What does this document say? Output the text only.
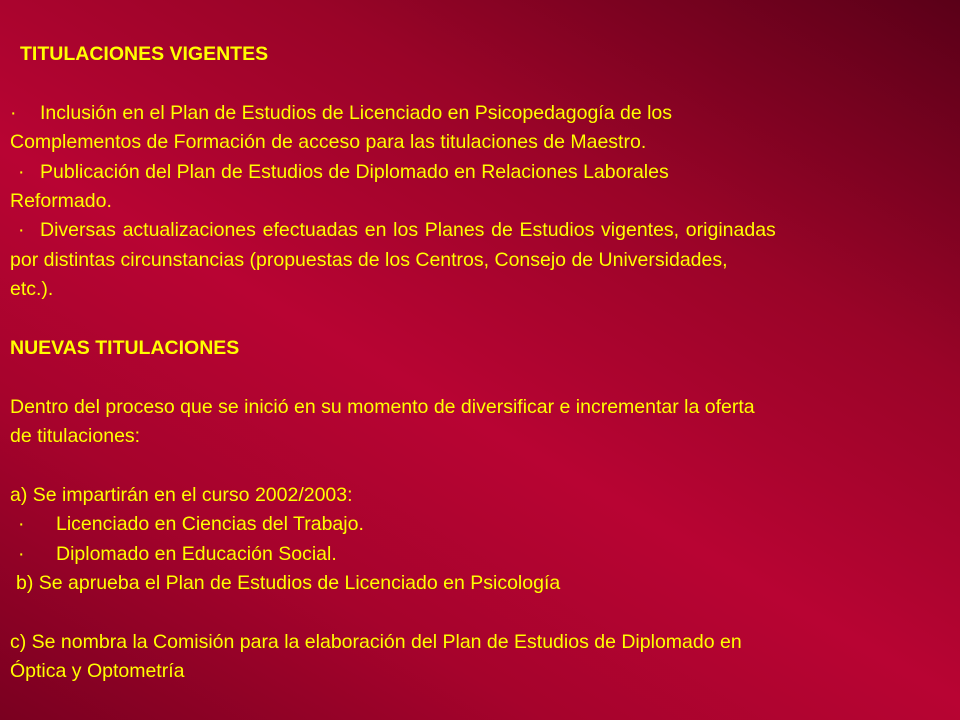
TITULACIONES VIGENTES
· Inclusión en el Plan de Estudios de Licenciado en Psicopedagogía de los
Complementos de Formación de acceso para las titulaciones de Maestro.
· Publicación del Plan de Estudios de Diplomado en Relaciones Laborales
Reformado.
· Diversas actualizaciones efectuadas en los Planes de Estudios vigentes, originadas
por distintas circunstancias (propuestas de los Centros, Consejo de Universidades,
etc.).
NUEVAS TITULACIONES
Dentro del proceso que se inició en su momento de diversificar e incrementar la oferta
de titulaciones:
a) Se impartirán en el curso 2002/2003:
· Licenciado en Ciencias del Trabajo.
· Diplomado en Educación Social.
b) Se aprueba el Plan de Estudios de Licenciado en Psicología
c) Se nombra la Comisión para la elaboración del Plan de Estudios de Diplomado en
Óptica y Optometría
